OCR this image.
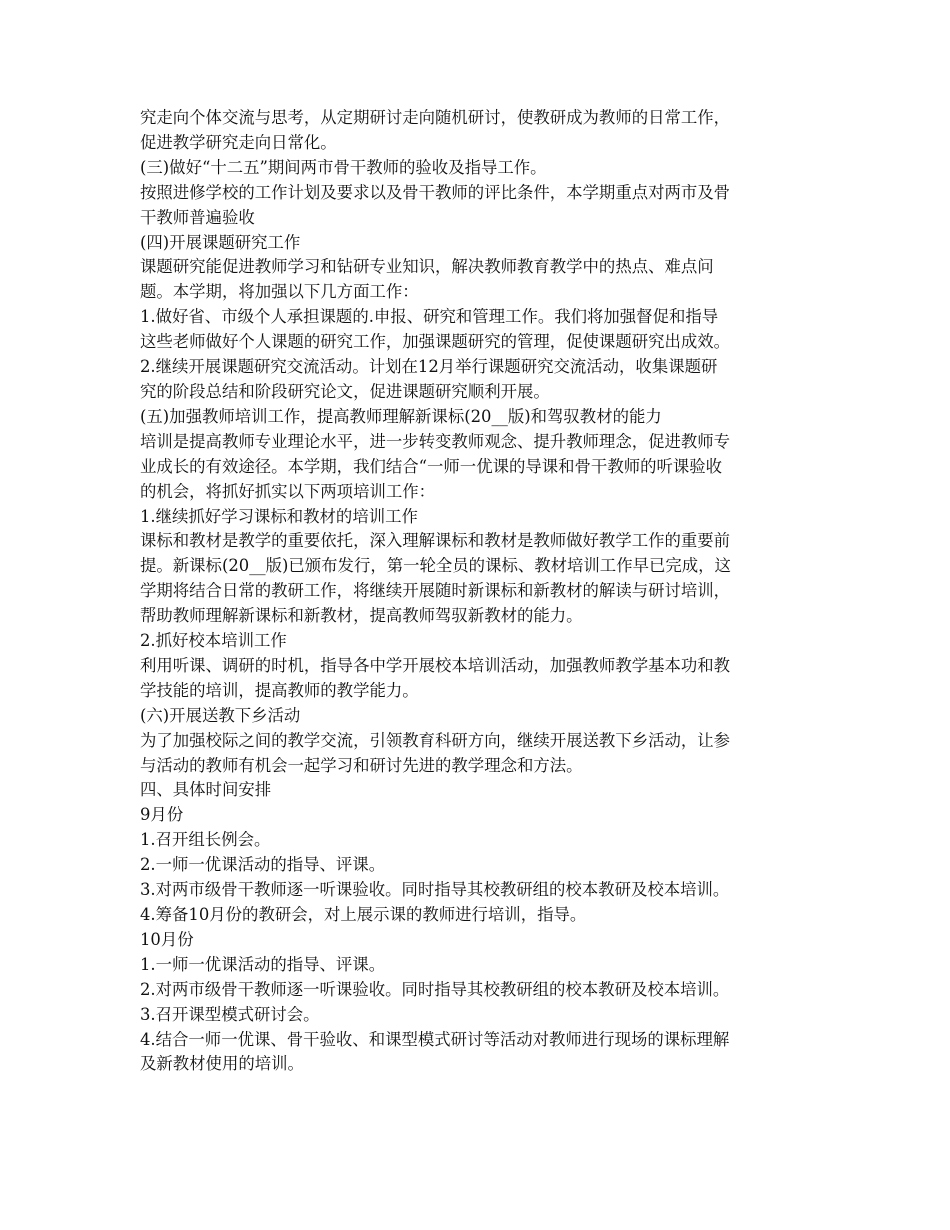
究走向个体交流与思考，从定期研讨走向随机研讨，使教研成为教师的日常工作，
促进教学研究走向日常化。
(三)做好“十二五”期间两市骨干教师的验收及指导工作。
按照进修学校的工作计划及要求以及骨干教师的评比条件，本学期重点对两市及骨
干教师普遍验收
(四)开展课题研究工作
课题研究能促进教师学习和钻研专业知识，解决教师教育教学中的热点、难点问
题。本学期，将加强以下几方面工作：
1.做好省、市级个人承担课题的.申报、研究和管理工作。我们将加强督促和指导
这些老师做好个人课题的研究工作，加强课题研究的管理，促使课题研究出成效。
2.继续开展课题研究交流活动。计划在12月举行课题研究交流活动，收集课题研
究的阶段总结和阶段研究论文，促进课题研究顺利开展。
(五)加强教师培训工作，提高教师理解新课标(20__版)和驾驭教材的能力
培训是提高教师专业理论水平，进一步转变教师观念、提升教师理念，促进教师专
业成长的有效途径。本学期，我们结合“一师一优课的导课和骨干教师的听课验收
的机会，将抓好抓实以下两项培训工作：
1.继续抓好学习课标和教材的培训工作
课标和教材是教学的重要依托，深入理解课标和教材是教师做好教学工作的重要前
提。新课标(20__版)已颁布发行，第一轮全员的课标、教材培训工作早已完成，这
学期将结合日常的教研工作，将继续开展随时新课标和新教材的解读与研讨培训，
帮助教师理解新课标和新教材，提高教师驾驭新教材的能力。
2.抓好校本培训工作
利用听课、调研的时机，指导各中学开展校本培训活动，加强教师教学基本功和教
学技能的培训，提高教师的教学能力。
(六)开展送教下乡活动
为了加强校际之间的教学交流，引领教育科研方向，继续开展送教下乡活动，让参
与活动的教师有机会一起学习和研讨先进的教学理念和方法。
四、具体时间安排
9月份
1.召开组长例会。
2.一师一优课活动的指导、评课。
3.对两市级骨干教师逐一听课验收。同时指导其校教研组的校本教研及校本培训。
4.筹备10月份的教研会，对上展示课的教师进行培训，指导。
10月份
1.一师一优课活动的指导、评课。
2.对两市级骨干教师逐一听课验收。同时指导其校教研组的校本教研及校本培训。
3.召开课型模式研讨会。
4.结合一师一优课、骨干验收、和课型模式研讨等活动对教师进行现场的课标理解
及新教材使用的培训。
